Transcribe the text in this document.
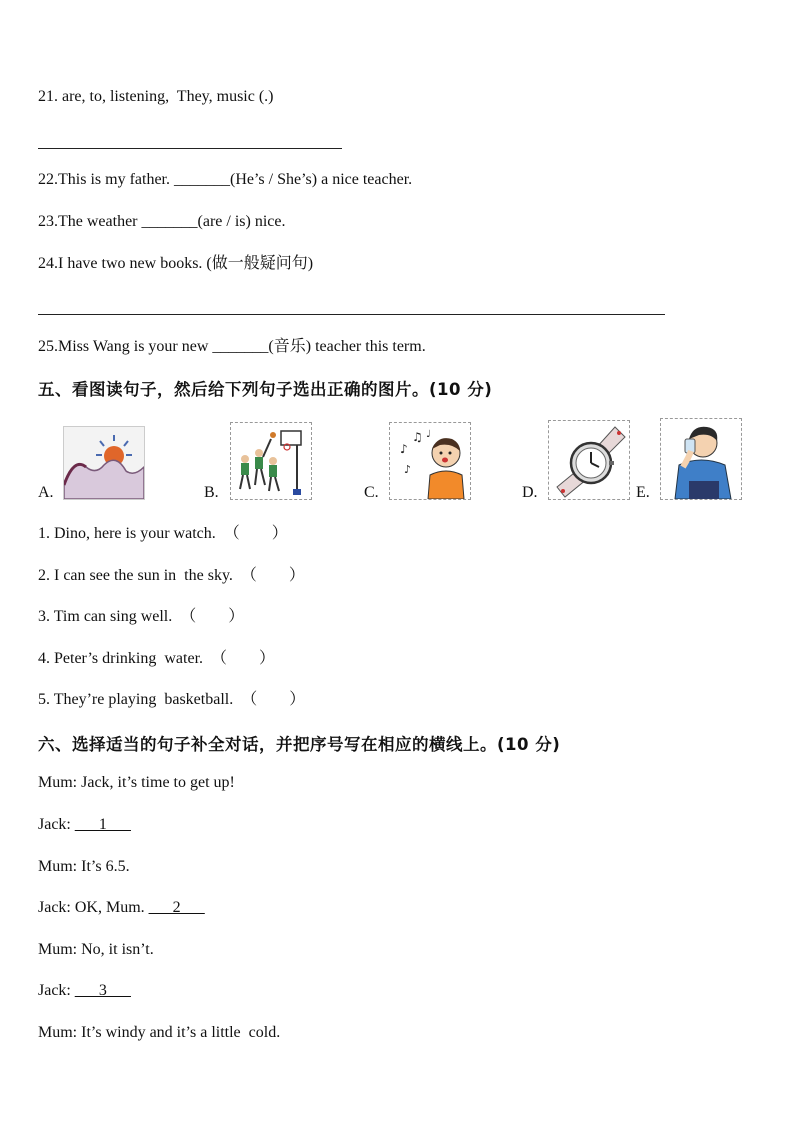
21. are, to, listening,  They, music (.)
22.This is my father. _______(He’s / She’s) a nice teacher.
23.The weather _______(are / is) nice.
24.I have two new books. (做一般疑问句)
25.Miss Wang is your new _______(音乐) teacher this term.
五、看图读句子，然后给下列句子选出正确的图片。(10 分)
A.	B.	C.
♪
♫
♪
♩
D.	E.
1. Dino, here is your watch.  （        ）
2. I can see the sun in  the sky.  （        ）
3. Tim can sing well.  （        ）
4. Peter’s drinking  water.  （        ）
5. They’re playing  basketball.  （        ）
六、选择适当的句子补全对话，并把序号写在相应的横线上。(10 分)
Mum: Jack, it’s time to get up!
Jack: ___1___
Mum: It’s 6.5.
Jack: OK, Mum. ___2___
Mum: No, it isn’t.
Jack: ___3___
Mum: It’s windy and it’s a little  cold.
